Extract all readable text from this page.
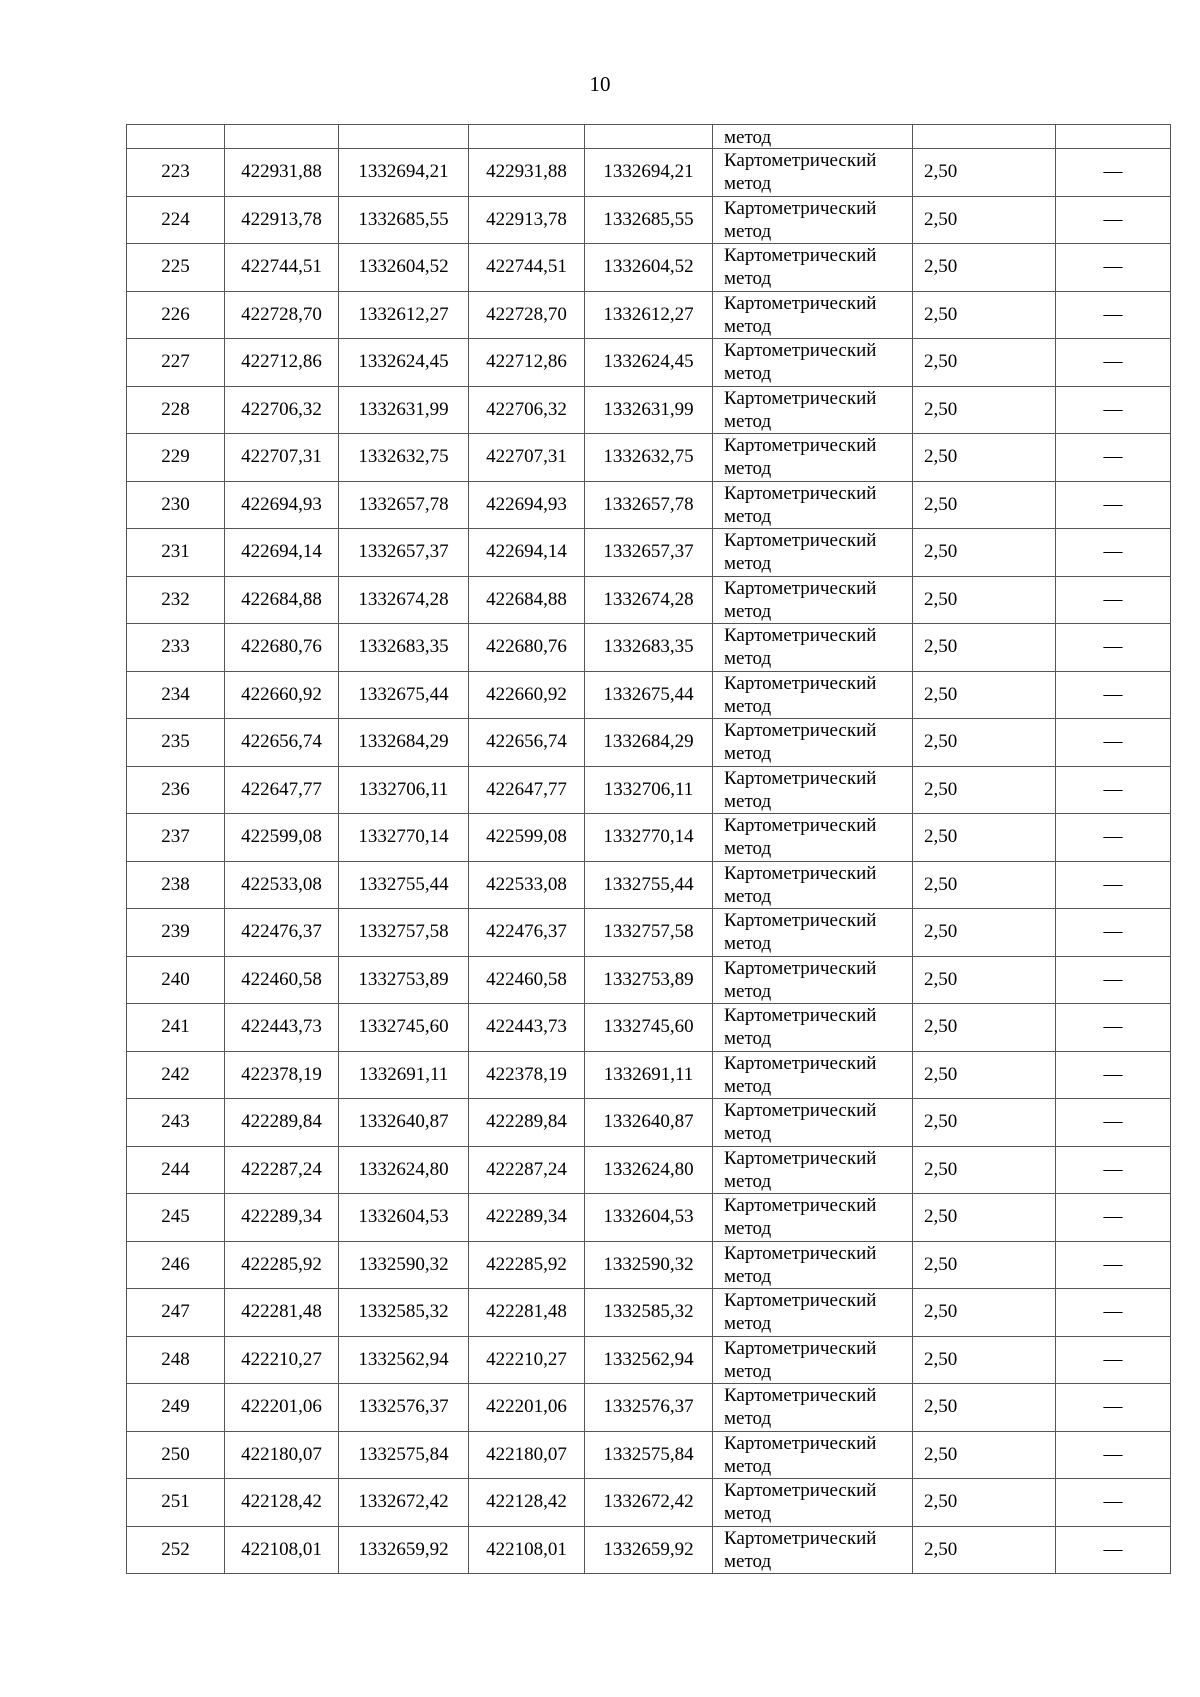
10
					метод		
223	422931,88	1332694,21	422931,88	1332694,21	Картометрический
метод	2,50	—
224	422913,78	1332685,55	422913,78	1332685,55	Картометрический
метод	2,50	—
225	422744,51	1332604,52	422744,51	1332604,52	Картометрический
метод	2,50	—
226	422728,70	1332612,27	422728,70	1332612,27	Картометрический
метод	2,50	—
227	422712,86	1332624,45	422712,86	1332624,45	Картометрический
метод	2,50	—
228	422706,32	1332631,99	422706,32	1332631,99	Картометрический
метод	2,50	—
229	422707,31	1332632,75	422707,31	1332632,75	Картометрический
метод	2,50	—
230	422694,93	1332657,78	422694,93	1332657,78	Картометрический
метод	2,50	—
231	422694,14	1332657,37	422694,14	1332657,37	Картометрический
метод	2,50	—
232	422684,88	1332674,28	422684,88	1332674,28	Картометрический
метод	2,50	—
233	422680,76	1332683,35	422680,76	1332683,35	Картометрический
метод	2,50	—
234	422660,92	1332675,44	422660,92	1332675,44	Картометрический
метод	2,50	—
235	422656,74	1332684,29	422656,74	1332684,29	Картометрический
метод	2,50	—
236	422647,77	1332706,11	422647,77	1332706,11	Картометрический
метод	2,50	—
237	422599,08	1332770,14	422599,08	1332770,14	Картометрический
метод	2,50	—
238	422533,08	1332755,44	422533,08	1332755,44	Картометрический
метод	2,50	—
239	422476,37	1332757,58	422476,37	1332757,58	Картометрический
метод	2,50	—
240	422460,58	1332753,89	422460,58	1332753,89	Картометрический
метод	2,50	—
241	422443,73	1332745,60	422443,73	1332745,60	Картометрический
метод	2,50	—
242	422378,19	1332691,11	422378,19	1332691,11	Картометрический
метод	2,50	—
243	422289,84	1332640,87	422289,84	1332640,87	Картометрический
метод	2,50	—
244	422287,24	1332624,80	422287,24	1332624,80	Картометрический
метод	2,50	—
245	422289,34	1332604,53	422289,34	1332604,53	Картометрический
метод	2,50	—
246	422285,92	1332590,32	422285,92	1332590,32	Картометрический
метод	2,50	—
247	422281,48	1332585,32	422281,48	1332585,32	Картометрический
метод	2,50	—
248	422210,27	1332562,94	422210,27	1332562,94	Картометрический
метод	2,50	—
249	422201,06	1332576,37	422201,06	1332576,37	Картометрический
метод	2,50	—
250	422180,07	1332575,84	422180,07	1332575,84	Картометрический
метод	2,50	—
251	422128,42	1332672,42	422128,42	1332672,42	Картометрический
метод	2,50	—
252	422108,01	1332659,92	422108,01	1332659,92	Картометрический
метод	2,50	—
